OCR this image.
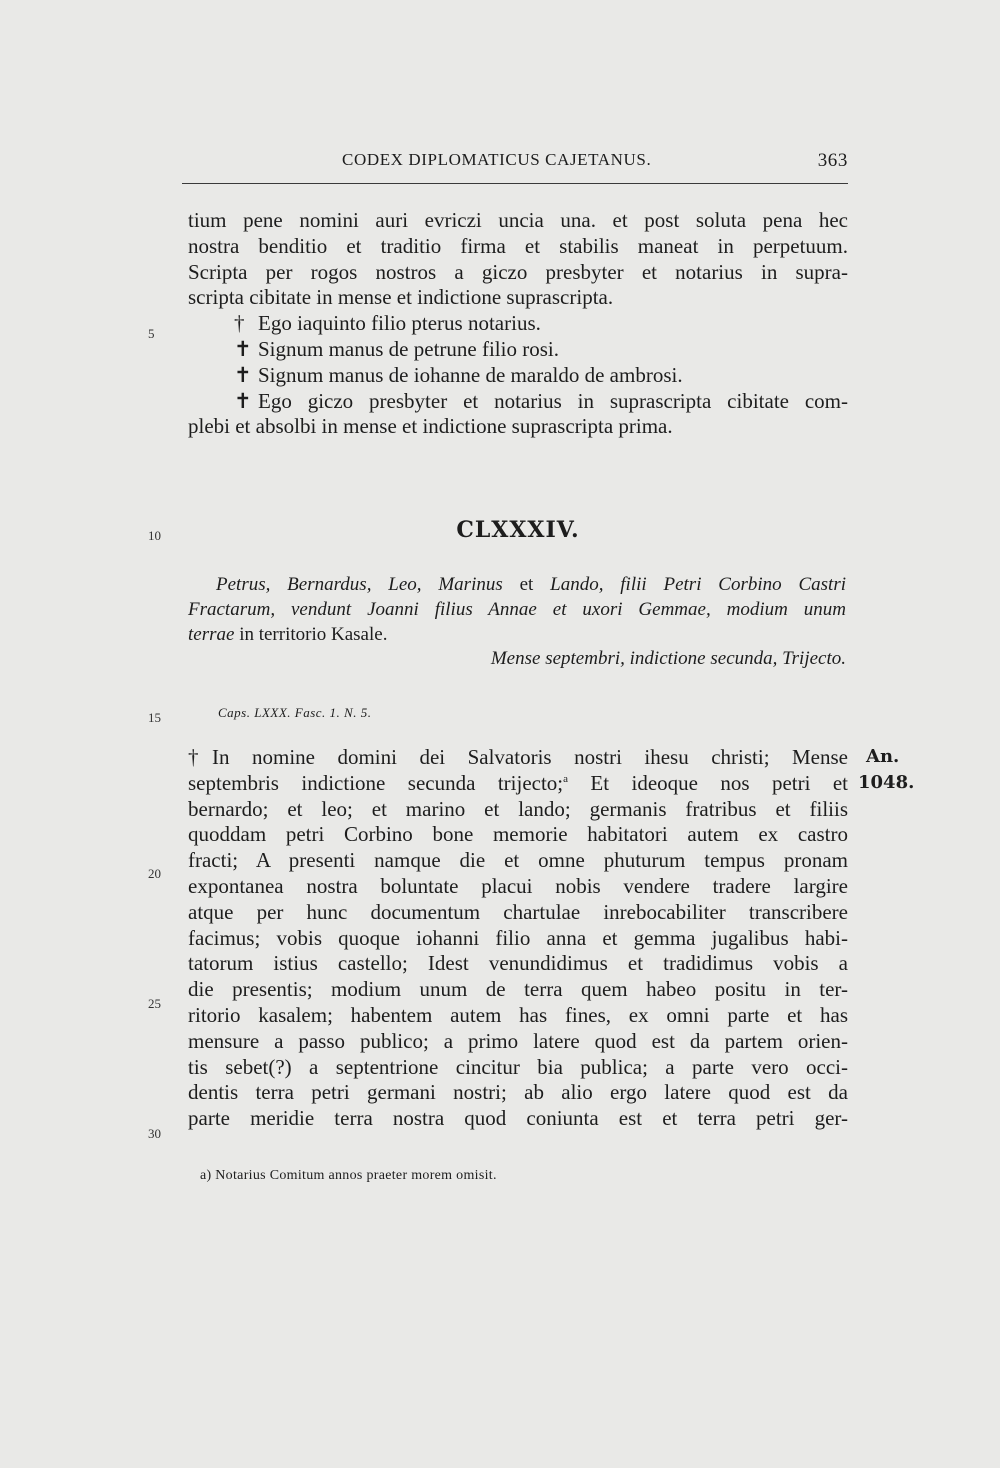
CODEX DIPLOMATICUS CAJETANUS.	363
tium pene nomini auri evriczi uncia una. et post soluta pena hec
nostra benditio et traditio firma et stabilis maneat in perpetuum.
Scripta per rogos nostros a giczo presbyter et notarius in supra-
scripta cibitate in mense et indictione suprascripta.
† Ego iaquinto filio pterus notarius.
✝ Signum manus de petrune filio rosi.
✝ Signum manus de iohanne de maraldo de ambrosi.
✝ Ego giczo presbyter et notarius in suprascripta cibitate com-
plebi et absolbi in mense et indictione suprascripta prima.
5
10
15
20
25
30
CLXXXIV.
Petrus, Bernardus, Leo, Marinus et Lando, filii Petri Corbino Castri
Fractarum, vendunt Joanni filius Annae et uxori Gemmae, modium unum
terrae in territorio Kasale.
Mense septembri, indictione secunda, Trijecto.
Caps. LXXX. Fasc. 1. N. 5.
An.
1048.
† In nomine domini dei Salvatoris nostri ihesu christi; Mense
septembris indictione secunda trijecto;$^a$ Et ideoque nos petri et
bernardo; et leo; et marino et lando; germanis fratribus et filiis
quoddam petri Corbino bone memorie habitatori autem ex castro
fracti; A presenti namque die et omne phuturum tempus pronam
expontanea nostra boluntate placui nobis vendere tradere largire
atque per hunc documentum chartulae inrebocabiliter transcribere
facimus; vobis quoque iohanni filio anna et gemma jugalibus habi-
tatorum istius castello; Idest venundidimus et tradidimus vobis a
die presentis; modium unum de terra quem habeo positu in ter-
ritorio kasalem; habentem autem has fines, ex omni parte et has
mensure a passo publico; a primo latere quod est da partem orien-
tis sebet(?) a septentrione cincitur bia publica; a parte vero occi-
dentis terra petri germani nostri; ab alio ergo latere quod est da
parte meridie terra nostra quod coniunta est et terra petri ger-
a) Notarius Comitum annos praeter morem omisit.
